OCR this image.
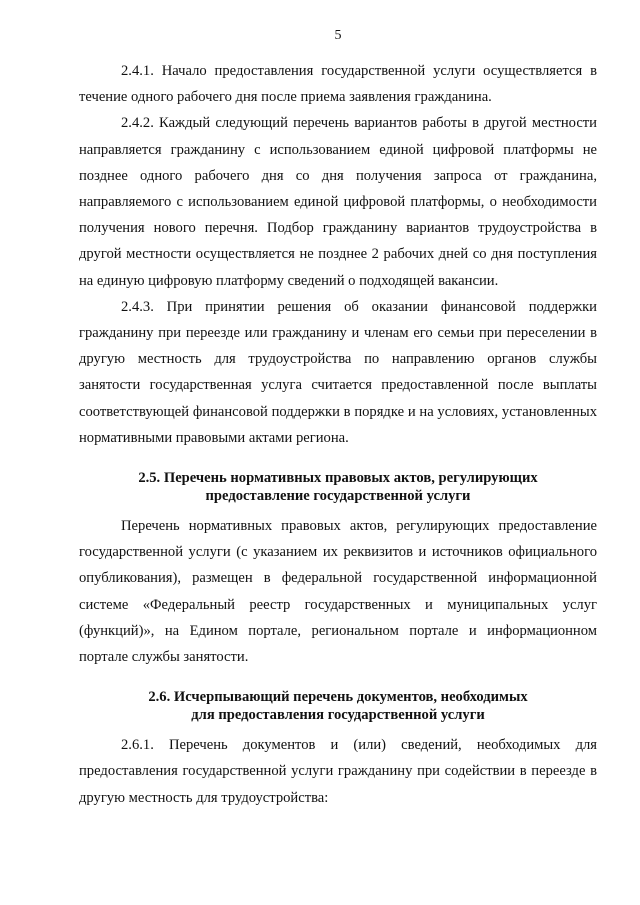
5

2.4.1. Начало предоставления государственной услуги осуществляется в течение одного рабочего дня после приема заявления гражданина.

2.4.2. Каждый следующий перечень вариантов работы в другой местности направляется гражданину с использованием единой цифровой платформы не позднее одного рабочего дня со дня получения запроса от гражданина, направляемого с использованием единой цифровой платформы, о необходимости получения нового перечня. Подбор гражданину вариантов трудоустройства в другой местности осуществляется не позднее 2 рабочих дней со дня поступления на единую цифровую платформу сведений о подходящей вакансии.

2.4.3. При принятии решения об оказании финансовой поддержки гражданину при переезде или гражданину и членам его семьи при переселении в другую местность для трудоустройства по направлению органов службы занятости государственная услуга считается предоставленной после выплаты соответствующей финансовой поддержки в порядке и на условиях, установленных нормативными правовыми актами региона.

2.5. Перечень нормативных правовых актов, регулирующих
предоставление государственной услуги

Перечень нормативных правовых актов, регулирующих предоставление государственной услуги (с указанием их реквизитов и источников официального опубликования), размещен в федеральной государственной информационной системе «Федеральный реестр государственных и муниципальных услуг (функций)», на Едином портале, региональном портале и информационном портале службы занятости.

2.6. Исчерпывающий перечень документов, необходимых
для предоставления государственной услуги

2.6.1. Перечень документов и (или) сведений, необходимых для предоставления государственной услуги гражданину при содействии в переезде в другую местность для трудоустройства:
